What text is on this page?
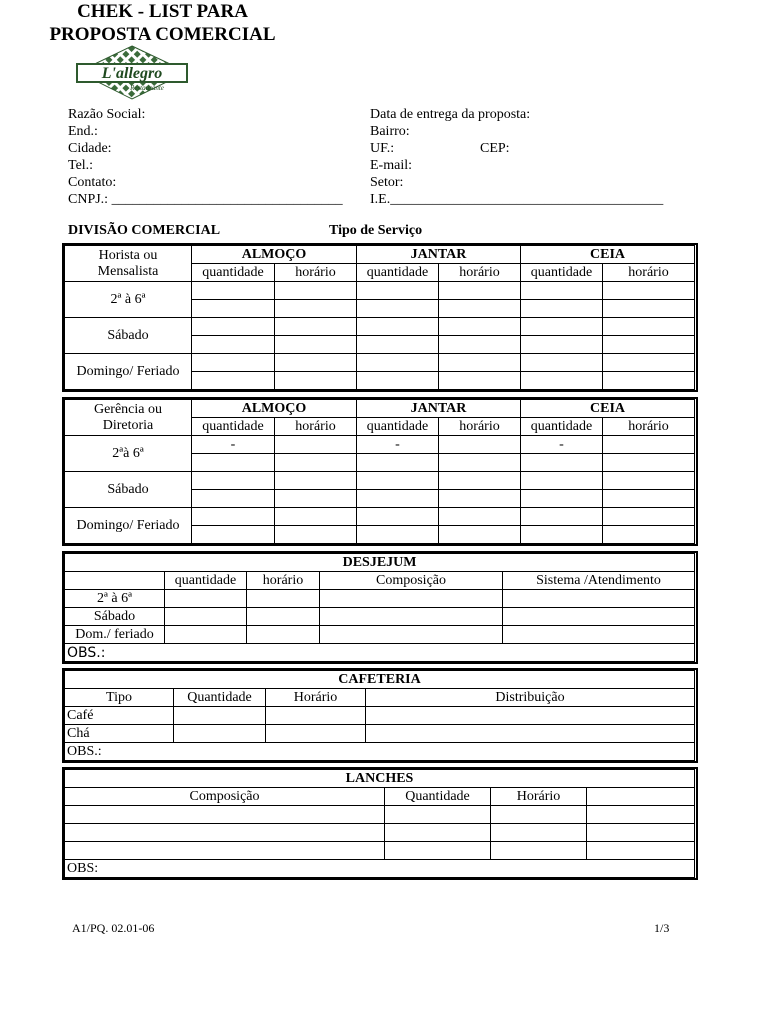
L'allegro
Restaurante
CHEK - LIST PARA
PROPOSTA COMERCIAL
Razão Social:
End.:
Cidade:
Tel.:
Contato:
CNPJ.: _________________________________
Data de entrega da proposta:
Bairro:
UF.:	CEP:
E-mail:
Setor:
I.E._______________________________________
DIVISÃO COMERCIAL	Tipo de Serviço
Horista ou
Mensalista	ALMOÇO		JANTAR		CEIA	
	quantidade	horário	quantidade	horário	quantidade	horário
2ª à 6ª						

Sábado						

Domingo/ Feriado						

Gerência ou
Diretoria	ALMOÇO		JANTAR		CEIA	
	quantidade	horário	quantidade	horário	quantidade	horário
2ªà 6ª	-		-		-	

Sábado						

Domingo/ Feriado						

DESJEJUM				
	quantidade	horário	Composição	Sistema /Atendimento
2ª à 6ª				
Sábado				
Dom./ feriado				
OBS.:				
CAFETERIA			
Tipo	Quantidade	Horário	Distribuição
Café			
Chá			
OBS.:			
LANCHES			
Composição	Quantidade	Horário	

OBS:			
A1/PQ. 02.01-06	1/3
